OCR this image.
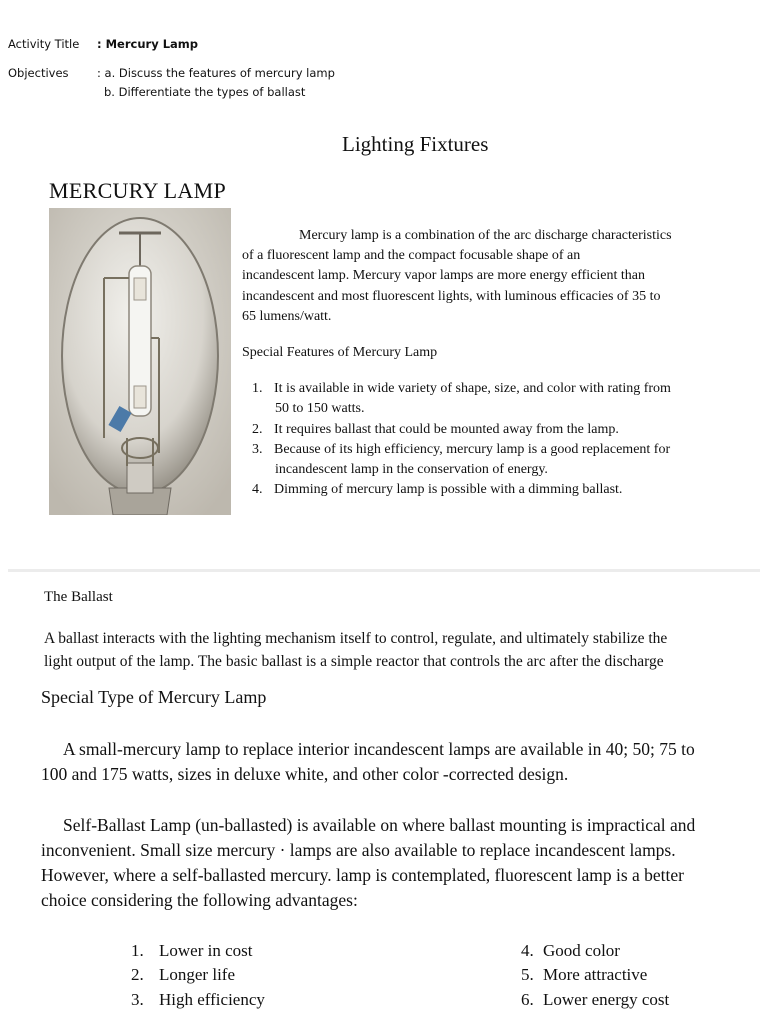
Activity Title : Mercury Lamp
Objectives : a. Discuss the features of mercury lamp
b. Differentiate the types of ballast
Lighting Fixtures
MERCURY LAMP
Mercury lamp is a combination of the arc discharge characteristics
of a fluorescent lamp and the compact focusable shape of an
incandescent lamp. Mercury vapor lamps are more energy efficient than
incandescent and most fluorescent lights, with luminous efficacies of 35 to
65 lumens/watt.
Special Features of Mercury Lamp
1. It is available in wide variety of shape, size, and color with rating from
50 to 150 watts.
2. It requires ballast that could be mounted away from the lamp.
3. Because of its high efficiency, mercury lamp is a good replacement for
incandescent lamp in the conservation of energy.
4. Dimming of mercury lamp is possible with a dimming ballast.
The Ballast
A ballast interacts with the lighting mechanism itself to control, regulate, and ultimately stabilize the
light output of the lamp. The basic ballast is a simple reactor that controls the arc after the discharge
Special Type of Mercury Lamp
A small-mercury lamp to replace interior incandescent lamps are available in 40; 50; 75 to
100 and 175 watts, sizes in deluxe white, and other color -corrected design.
Self-Ballast Lamp (un-ballasted) is available on where ballast mounting is impractical and
inconvenient. Small size mercury · lamps are also available to replace incandescent lamps.
However, where a self-ballasted mercury. lamp is contemplated, fluorescent lamp is a better
choice considering the following advantages:
1. Lower in cost
2. Longer life
3. High efficiency
4. Good color
5. More attractive
6. Lower energy cost
